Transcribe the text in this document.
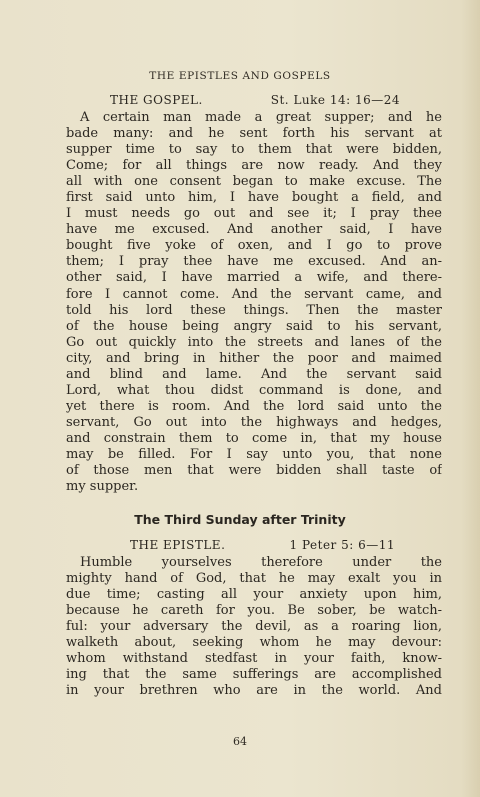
THE EPISTLES AND GOSPELS
THE GOSPEL.	St. Luke 14: 16—24
A certain man made a great supper; and he
bade many: and he sent forth his servant at
supper time to say to them that were bidden,
Come; for all things are now ready. And they
all with one consent began to make excuse. The
first said unto him, I have bought a field, and
I must needs go out and see it; I pray thee
have me excused. And another said, I have
bought five yoke of oxen, and I go to prove
them; I pray thee have me excused. And an-
other said, I have married a wife, and there-
fore I cannot come. And the servant came, and
told his lord these things. Then the master
of the house being angry said to his servant,
Go out quickly into the streets and lanes of the
city, and bring in hither the poor and maimed
and blind and lame. And the servant said
Lord, what thou didst command is done, and
yet there is room. And the lord said unto the
servant, Go out into the highways and hedges,
and constrain them to come in, that my house
may be filled. For I say unto you, that none
of those men that were bidden shall taste of
my supper.
The Third Sunday after Trinity
THE EPISTLE.	1 Peter 5: 6—11
Humble yourselves therefore under the
mighty hand of God, that he may exalt you in
due time; casting all your anxiety upon him,
because he careth for you. Be sober, be watch-
ful: your adversary the devil, as a roaring lion,
walketh about, seeking whom he may devour:
whom withstand stedfast in your faith, know-
ing that the same sufferings are accomplished
in your brethren who are in the world. And
64
